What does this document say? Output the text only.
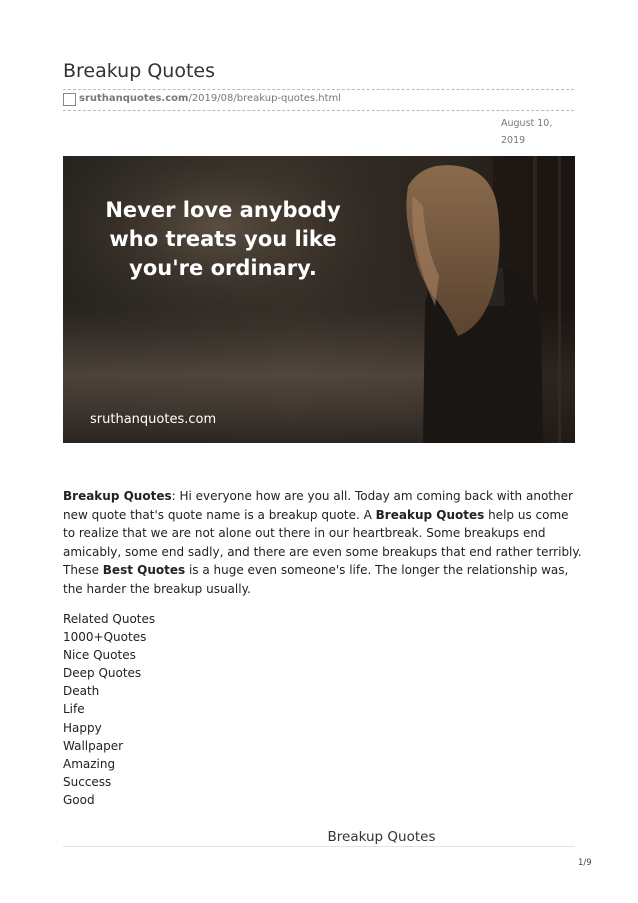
Breakup Quotes
sruthanquotes.com/2019/08/breakup-quotes.html
August 10,
2019
Never love anybody
who treats you like
you're ordinary.
sruthanquotes.com

Breakup Quotes: Hi everyone how are you all. Today am coming back with another new quote that's quote name is a breakup quote. A Breakup Quotes help us come to realize that we are not alone out there in our heartbreak. Some breakups end amicably, some end sadly, and there are even some breakups that end rather terribly. These Best Quotes is a huge even someone's life. The longer the relationship was, the harder the breakup usually.

Related Quotes
1000+Quotes
Nice Quotes
Deep Quotes
Death
Life
Happy
Wallpaper
Amazing
Success
Good
Breakup Quotes
1/9
